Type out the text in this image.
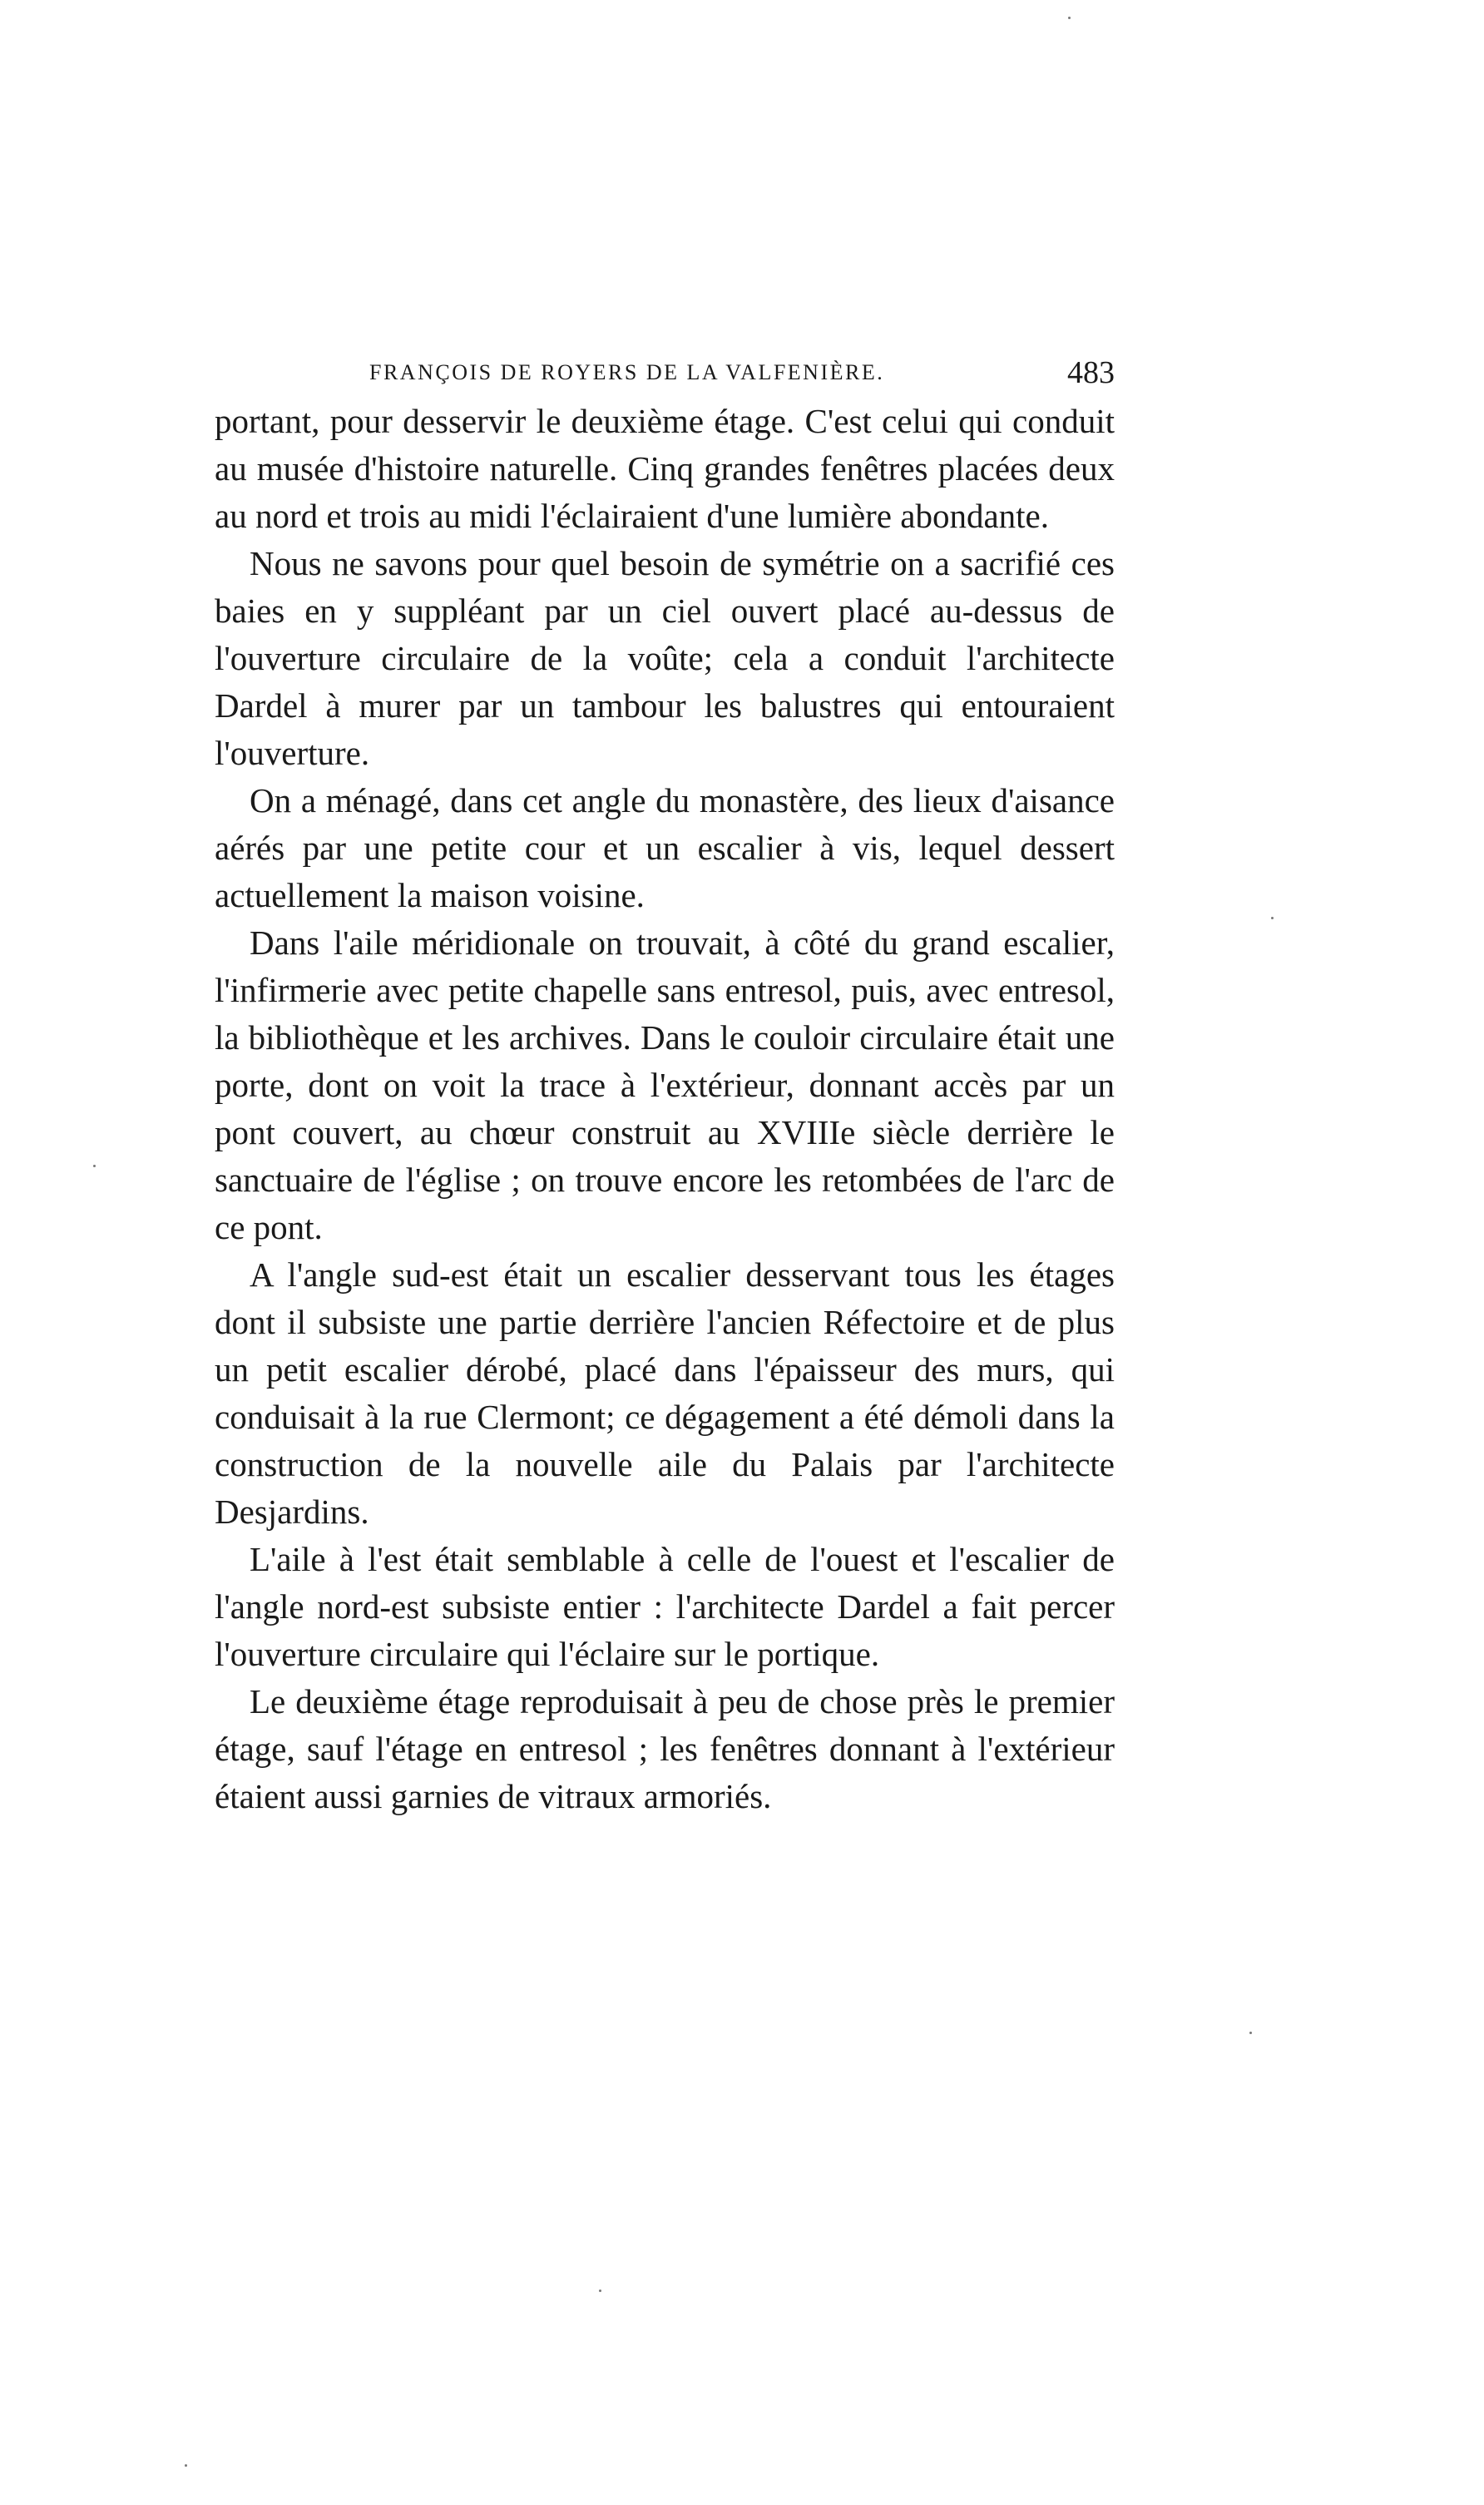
FRANÇOIS DE ROYERS DE LA VALFENIÈRE.	483

portant, pour desservir le deuxième étage. C'est celui qui conduit au musée d'histoire naturelle. Cinq grandes fenêtres placées deux au nord et trois au midi l'éclairaient d'une lumière abondante.

Nous ne savons pour quel besoin de symétrie on a sacrifié ces baies en y suppléant par un ciel ouvert placé au-dessus de l'ouverture circulaire de la voûte; cela a conduit l'architecte Dardel à murer par un tambour les balustres qui entouraient l'ouverture.

On a ménagé, dans cet angle du monastère, des lieux d'aisance aérés par une petite cour et un escalier à vis, lequel dessert actuellement la maison voisine.

Dans l'aile méridionale on trouvait, à côté du grand escalier, l'infirmerie avec petite chapelle sans entresol, puis, avec entresol, la bibliothèque et les archives. Dans le couloir circulaire était une porte, dont on voit la trace à l'extérieur, donnant accès par un pont couvert, au chœur construit au XVIIIe siècle derrière le sanctuaire de l'église ; on trouve encore les retombées de l'arc de ce pont.

A l'angle sud-est était un escalier desservant tous les étages dont il subsiste une partie derrière l'ancien Réfectoire et de plus un petit escalier dérobé, placé dans l'épaisseur des murs, qui conduisait à la rue Clermont; ce dégagement a été démoli dans la construction de la nouvelle aile du Palais par l'architecte Desjardins.

L'aile à l'est était semblable à celle de l'ouest et l'escalier de l'angle nord-est subsiste entier : l'architecte Dardel a fait percer l'ouverture circulaire qui l'éclaire sur le portique.

Le deuxième étage reproduisait à peu de chose près le premier étage, sauf l'étage en entresol ; les fenêtres donnant à l'extérieur étaient aussi garnies de vitraux armoriés.
